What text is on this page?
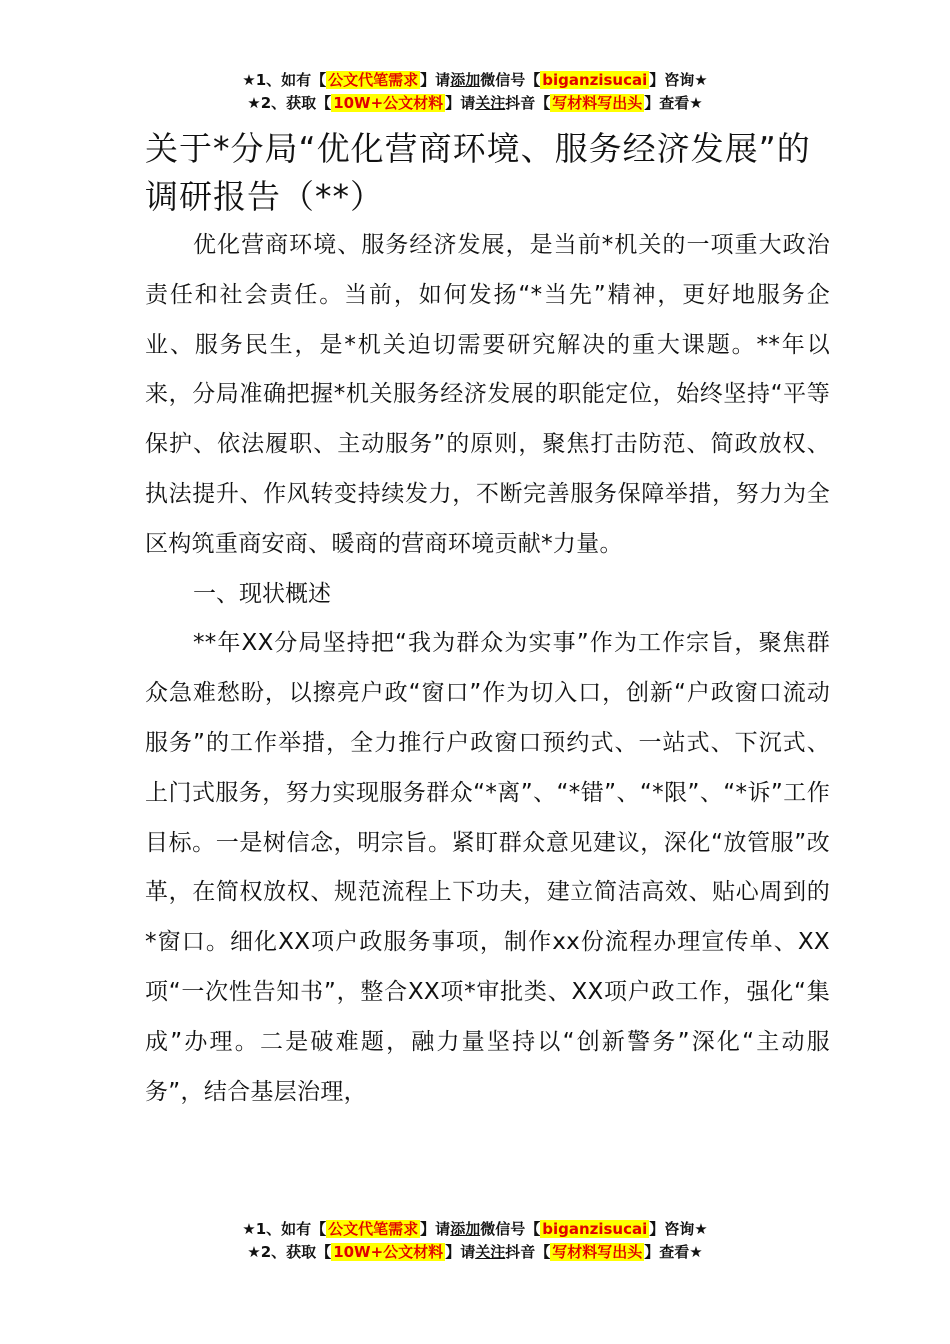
★1、如有【 公文代笔需求 】请添加微信号【 biganzisucai 】咨询★
★2、获取【 10W+公文材料 】请关注抖音【 写材料写出头 】查看★
关于*分局“优化营商环境、服务经济发展”的调研报告（**）

优化营商环境、服务经济发展，是当前*机关的一项重大政治责任和社会责任。当前，如何发扬“*当先”精神，更好地服务企业、服务民生，是*机关迫切需要研究解决的重大课题。**年以来，分局准确把握*机关服务经济发展的职能定位，始终坚持“平等保护、依法履职、主动服务”的原则，聚焦打击防范、简政放权、执法提升、作风转变持续发力，不断完善服务保障举措，努力为全区构筑重商安商、暖商的营商环境贡献*力量。

一、现状概述

**年XX分局坚持把“我为群众为实事”作为工作宗旨，聚焦群众急难愁盼，以擦亮户政“窗口”作为切入口，创新“户政窗口流动服务”的工作举措，全力推行户政窗口预约式、一站式、下沉式、上门式服务，努力实现服务群众“*离”、“*错”、“*限”、“*诉”工作目标。一是树信念，明宗旨。紧盯群众意见建议，深化“放管服”改革，在简权放权、规范流程上下功夫，建立简洁高效、贴心周到的*窗口。细化XX项户政服务事项，制作xx份流程办理宣传单、XX项“一次性告知书”，整合XX项*审批类、XX项户政工作，强化“集成”办理。二是破难题，融力量坚持以“创新警务”深化“主动服务”，结合基层治理，

★1、如有【 公文代笔需求 】请添加微信号【 biganzisucai 】咨询★
★2、获取【 10W+公文材料 】请关注抖音【 写材料写出头 】查看★
